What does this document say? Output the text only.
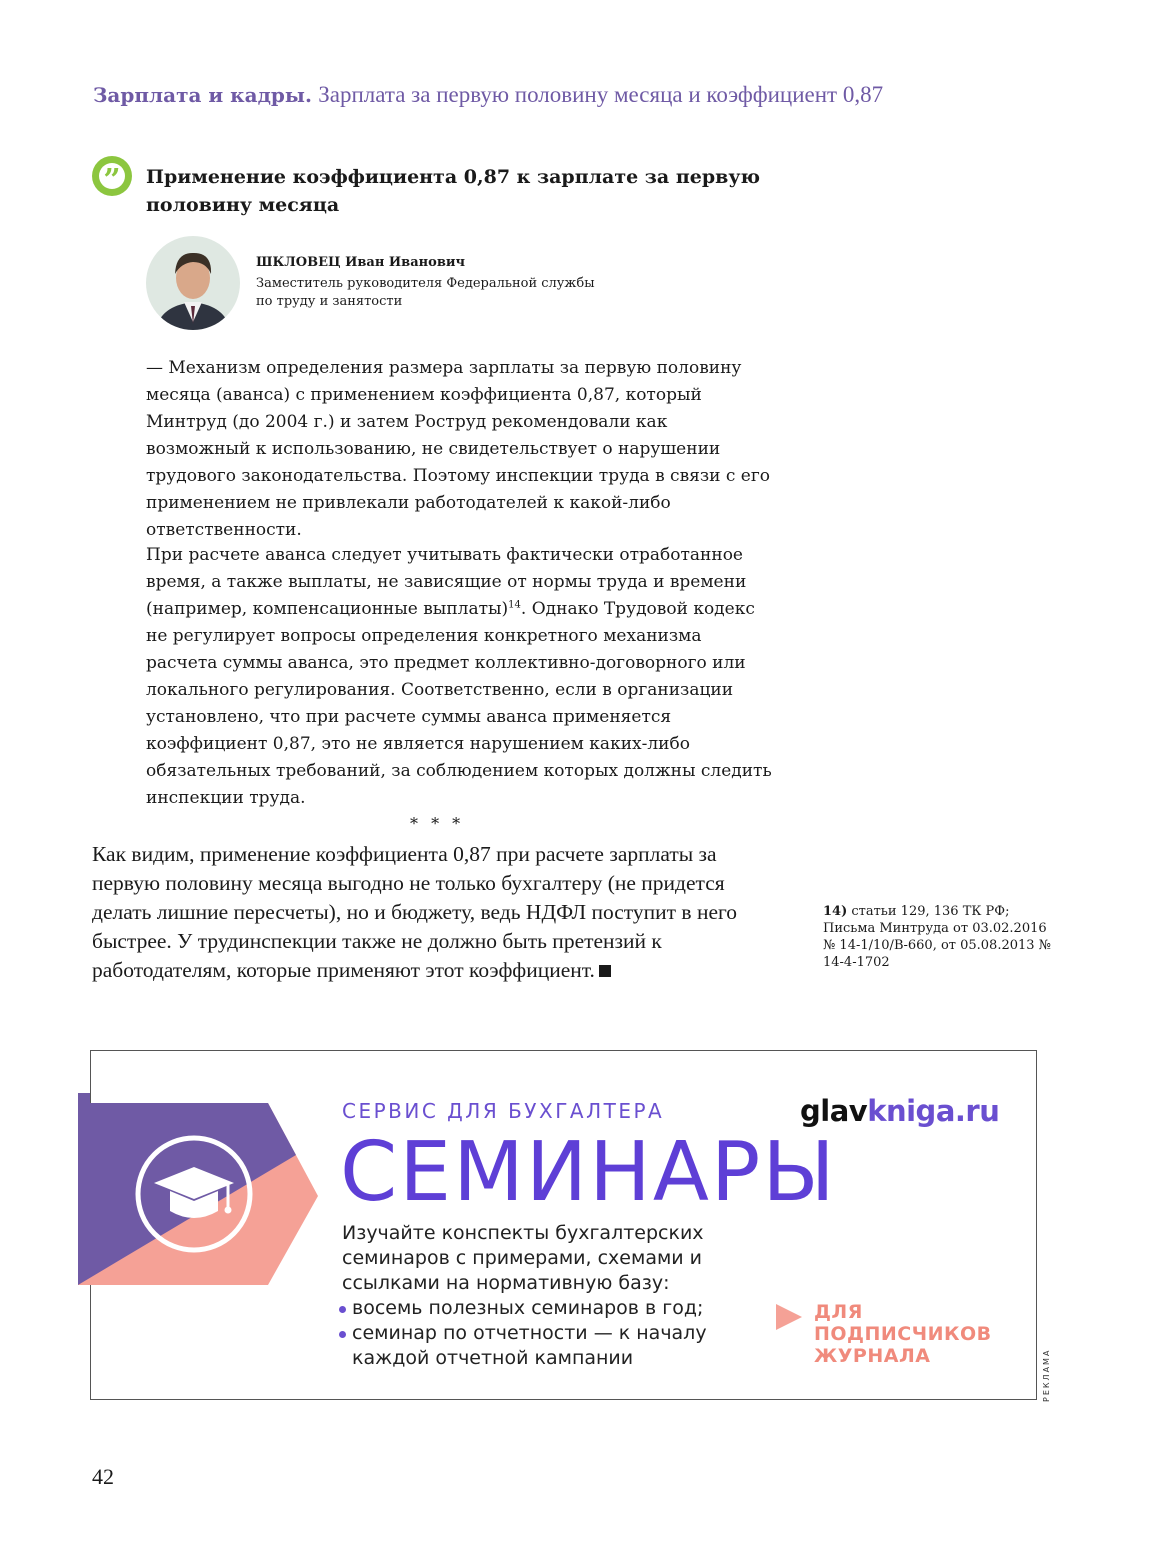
Зарплата и кадры. Зарплата за первую половину месяца и коэффициент 0,87
” Применение коэффициента 0,87 к зарплате за первую половину месяца
ШКЛОВЕЦ Иван Иванович
Заместитель руководителя Федеральной службы по труду и занятости

— Механизм определения размера зарплаты за первую половину месяца (аванса) с применением коэффициента 0,87, который Минтруд (до 2004 г.) и затем Роструд рекомендовали как возможный к использованию, не свидетельствует о нарушении трудового законодательства. Поэтому инспекции труда в связи с его применением не привлекали работодателей к какой-либо ответственности.

При расчете аванса следует учитывать фактически отработанное время, а также выплаты, не зависящие от нормы труда и времени (например, компенсационные выплаты)$^{14}$. Однако Трудовой кодекс не регулирует вопросы определения конкретного механизма расчета суммы аванса, это предмет коллективно-договорного или локального регулирования. Соответственно, если в организации установлено, что при расчете суммы аванса применяется коэффициент 0,87, это не является нарушением каких-либо обязательных требований, за соблюдением которых должны следить инспекции труда.

* * *

Как видим, применение коэффициента 0,87 при расчете зарплаты за первую половину месяца выгодно не только бухгалтеру (не придется делать лишние пересчеты), но и бюджету, ведь НДФЛ поступит в него быстрее. У трудинспекции также не должно быть претензий к работодателям, которые применяют этот коэффициент.

14) статьи 129, 136 ТК РФ; Письма Минтруда от 03.02.2016 № 14-1/10/В-660, от 05.08.2013 № 14-4-1702
СЕРВИС ДЛЯ БУХГАЛТЕРА	glavkniga.ru
СЕМИНАРЫ
Изучайте конспекты бухгалтерских семинаров с примерами, схемами и ссылками на нормативную базу:
восемь полезных семинаров в год;
семинар по отчетности — к началу каждой отчетной кампании
ДЛЯ ПОДПИСЧИКОВ ЖУРНАЛА	РЕКЛАМА
42
